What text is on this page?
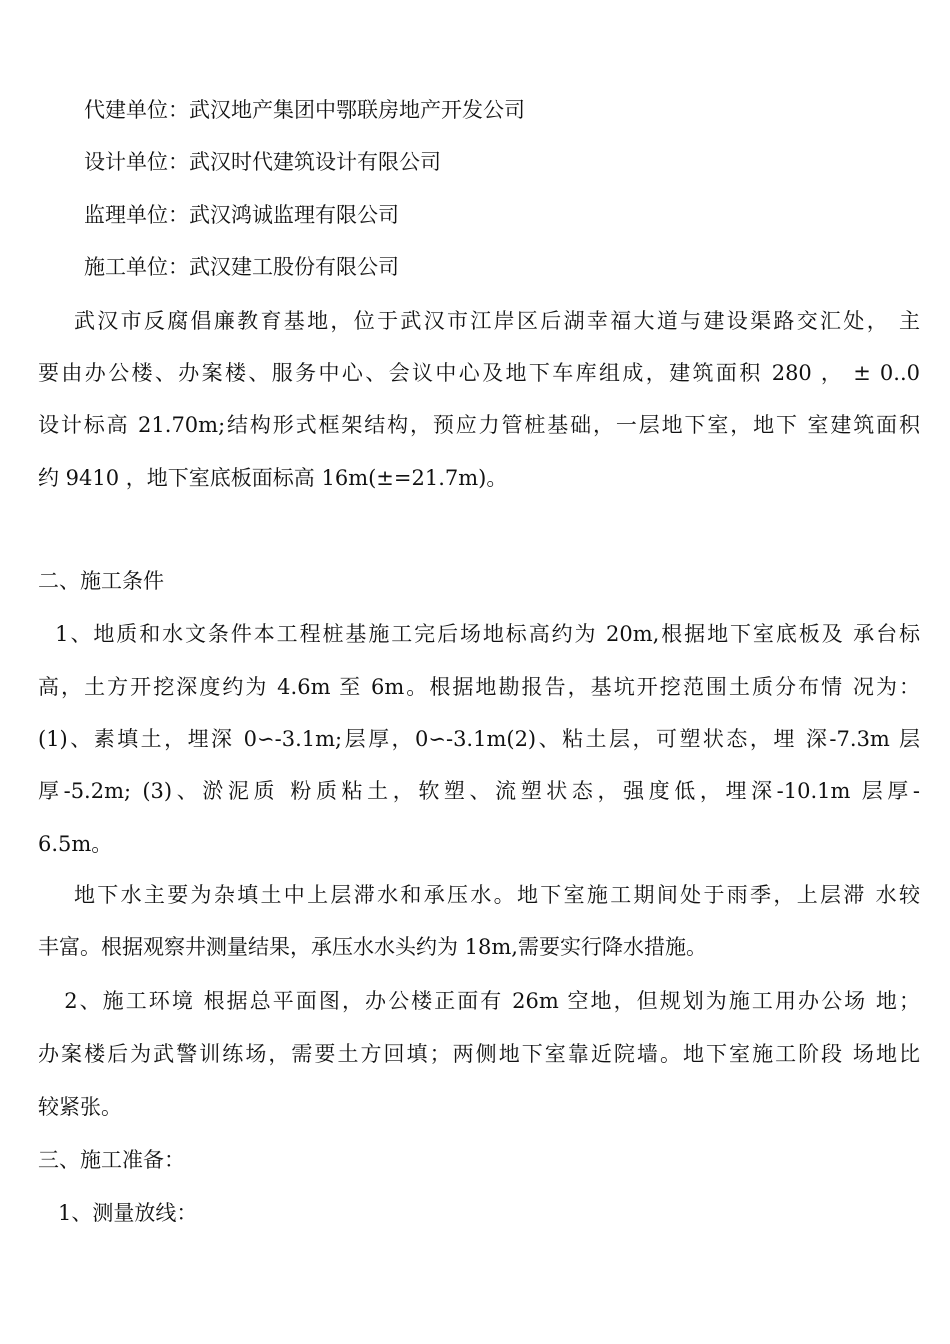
代建单位：武汉地产集团中鄂联房地产开发公司
设计单位：武汉时代建筑设计有限公司
监理单位：武汉鸿诚监理有限公司
施工单位：武汉建工股份有限公司
武汉市反腐倡廉教育基地，位于武汉市江岸区后湖幸福大道与建设渠路交汇处， 主
要由办公楼、办案楼、服务中心、会议中心及地下车库组成，建筑面积 280 ， ± 0..0
设计标高 21.70m;结构形式框架结构，预应力管桩基础，一层地下室，地下 室建筑面积
约 9410 ，地下室底板面标高 16m(±=21.7m)。
二、施工条件
1、地质和水文条件本工程桩基施工完后场地标高约为 20m,根据地下室底板及 承台标
高，土方开挖深度约为 4.6m 至 6m。根据地勘报告，基坑开挖范围土质分布情 况为：
(1)、素填土，埋深 0∽-3.1m;层厚，0∽-3.1m(2)、粘土层，可塑状态，埋 深-7.3m 层
厚-5.2m; (3)、淤泥质 粉质粘土，软塑、流塑状态，强度低，埋深-10.1m 层厚-
6.5m。
地下水主要为杂填土中上层滞水和承压水。地下室施工期间处于雨季，上层滞 水较
丰富。根据观察井测量结果，承压水水头约为 18m,需要实行降水措施。
2、施工环境 根据总平面图，办公楼正面有 26m 空地，但规划为施工用办公场 地；
办案楼后为武警训练场，需要土方回填；两侧地下室靠近院墙。地下室施工阶段 场地比
较紧张。
三、施工准备：
1、测量放线：
